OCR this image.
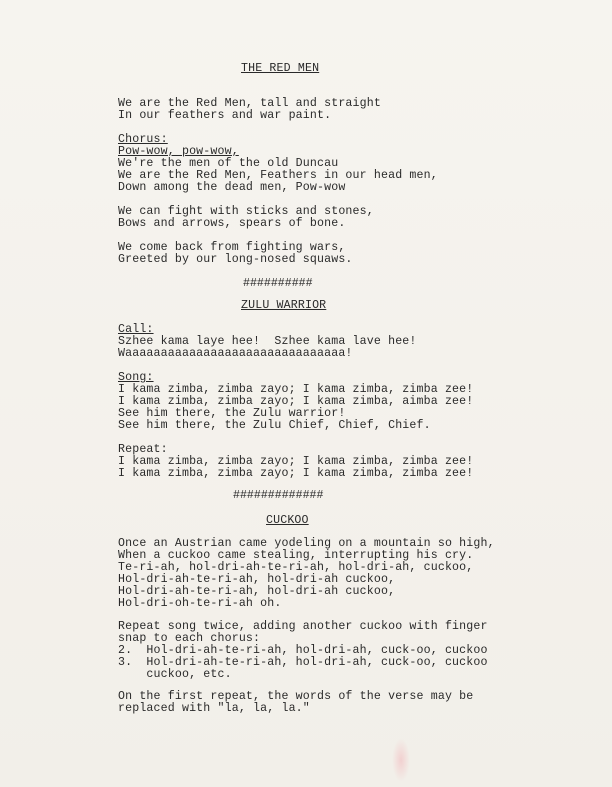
THE RED MEN
We are the Red Men, tall and straight
In our feathers and war paint.
Chorus:
Pow-wow, pow-wow,
We're the men of the old Duncau
We are the Red Men, Feathers in our head men,
Down among the dead men, Pow-wow
We can fight with sticks and stones,
Bows and arrows, spears of bone.
We come back from fighting wars,
Greeted by our long-nosed squaws.
##########
ZULU WARRIOR
Call:
Szhee kama laye hee!  Szhee kama lave hee!
Waaaaaaaaaaaaaaaaaaaaaaaaaaaaaaa!
Song:
I kama zimba, zimba zayo; I kama zimba, zimba zee!
I kama zimba, zimba zayo; I kama zimba, aimba zee!
See him there, the Zulu warrior!
See him there, the Zulu Chief, Chief, Chief.
Repeat:
I kama zimba, zimba zayo; I kama zimba, zimba zee!
I kama zimba, zimba zayo; I kama zimba, zimba zee!
#############
CUCKOO
Once an Austrian came yodeling on a mountain so high,
When a cuckoo came stealing, interrupting his cry.
Te-ri-ah, hol-dri-ah-te-ri-ah, hol-dri-ah, cuckoo,
Hol-dri-ah-te-ri-ah, hol-dri-ah cuckoo,
Hol-dri-ah-te-ri-ah, hol-dri-ah cuckoo,
Hol-dri-oh-te-ri-ah oh.
Repeat song twice, adding another cuckoo with finger
snap to each chorus:
2.  Hol-dri-ah-te-ri-ah, hol-dri-ah, cuck-oo, cuckoo
3.  Hol-dri-ah-te-ri-ah, hol-dri-ah, cuck-oo, cuckoo
cuckoo, etc.
On the first repeat, the words of the verse may be
replaced with "la, la, la."
